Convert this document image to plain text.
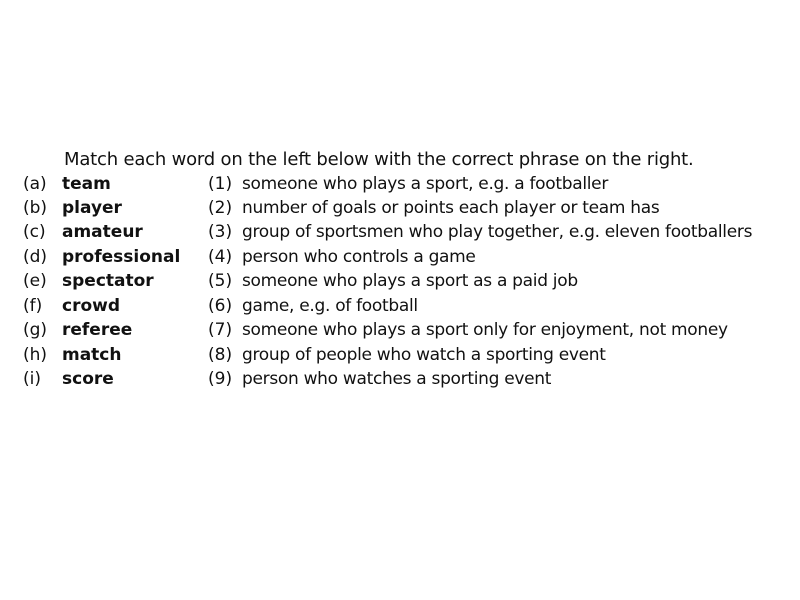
Match each word on the left below with the correct phrase on the right.
(a) team	(1) someone who plays a sport, e.g. a footballer
(b) player	(2) number of goals or points each player or team has
(c) amateur	(3) group of sportsmen who play together, e.g. eleven footballers
(d) professional (4) person who controls a game
(e) spectator	(5) someone who plays a sport as a paid job
(f) crowd	(6) game, e.g. of football
(g) referee	(7) someone who plays a sport only for enjoyment, not money
(h) match	(8) group of people who watch a sporting event
(i) score	(9) person who watches a sporting event
